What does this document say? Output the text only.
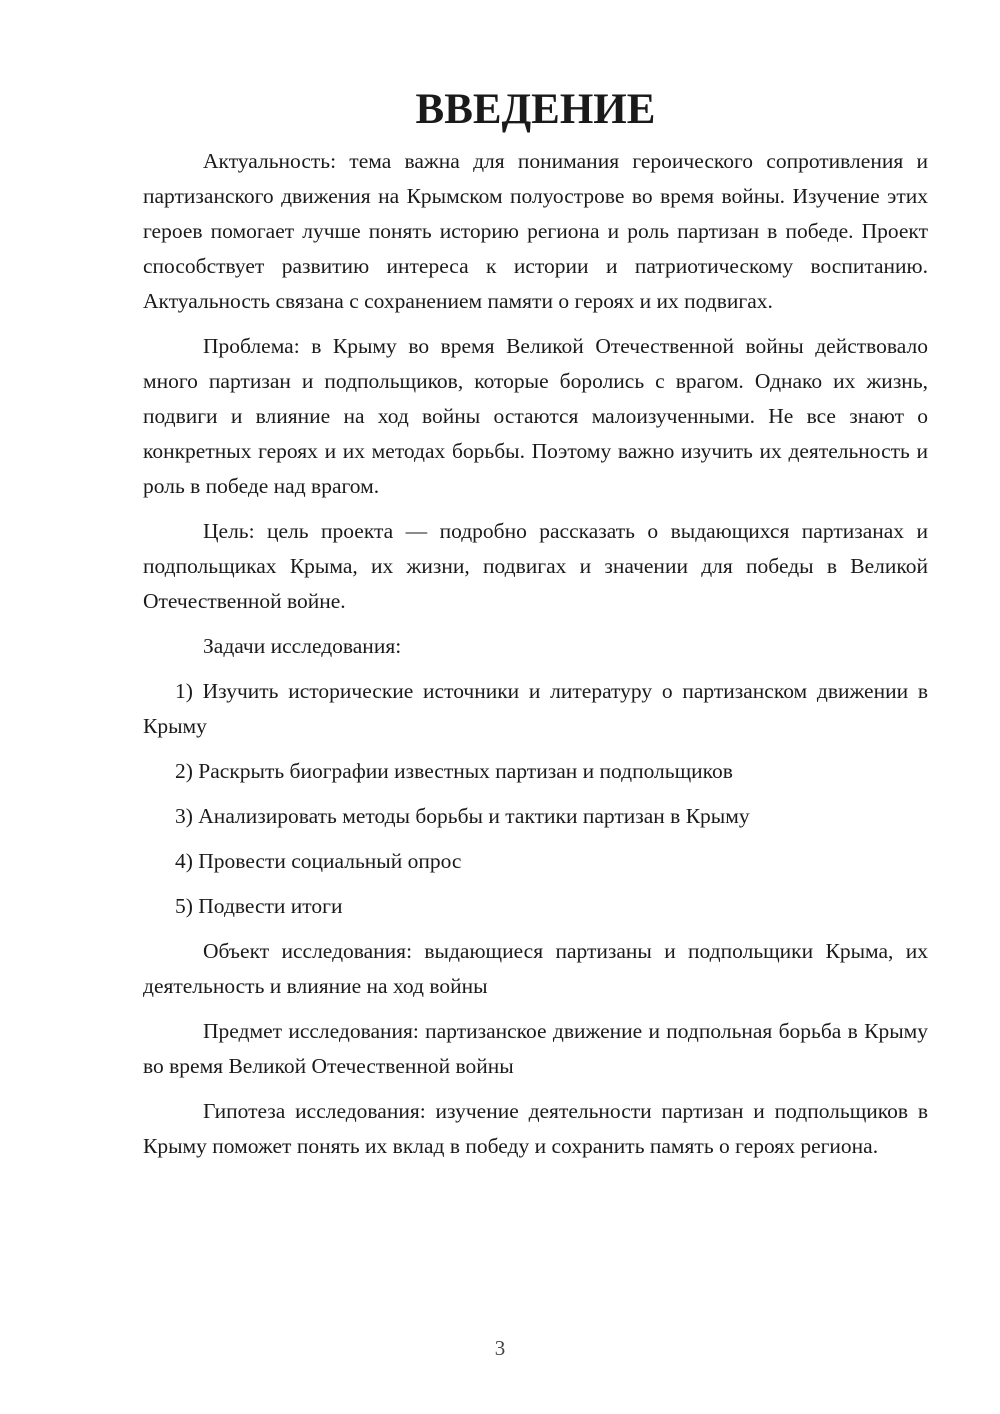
ВВЕДЕНИЕ

Актуальность: тема важна для понимания героического сопротивления и партизанского движения на Крымском полуострове во время войны. Изучение этих героев помогает лучше понять историю региона и роль партизан в победе. Проект способствует развитию интереса к истории и патриотическому воспитанию. Актуальность связана с сохранением памяти о героях и их подвигах.

Проблема: в Крыму во время Великой Отечественной войны действовало много партизан и подпольщиков, которые боролись с врагом. Однако их жизнь, подвиги и влияние на ход войны остаются малоизученными. Не все знают о конкретных героях и их методах борьбы. Поэтому важно изучить их деятельность и роль в победе над врагом.

Цель: цель проекта — подробно рассказать о выдающихся партизанах и подпольщиках Крыма, их жизни, подвигах и значении для победы в Великой Отечественной войне.

Задачи исследования:

1) Изучить исторические источники и литературу о партизанском движении в Крыму

2) Раскрыть биографии известных партизан и подпольщиков

3) Анализировать методы борьбы и тактики партизан в Крыму

4) Провести социальный опрос

5) Подвести итоги

Объект исследования: выдающиеся партизаны и подпольщики Крыма, их деятельность и влияние на ход войны

Предмет исследования: партизанское движение и подпольная борьба в Крыму во время Великой Отечественной войны

Гипотеза исследования: изучение деятельности партизан и подпольщиков в Крыму поможет понять их вклад в победу и сохранить память о героях региона.

3
